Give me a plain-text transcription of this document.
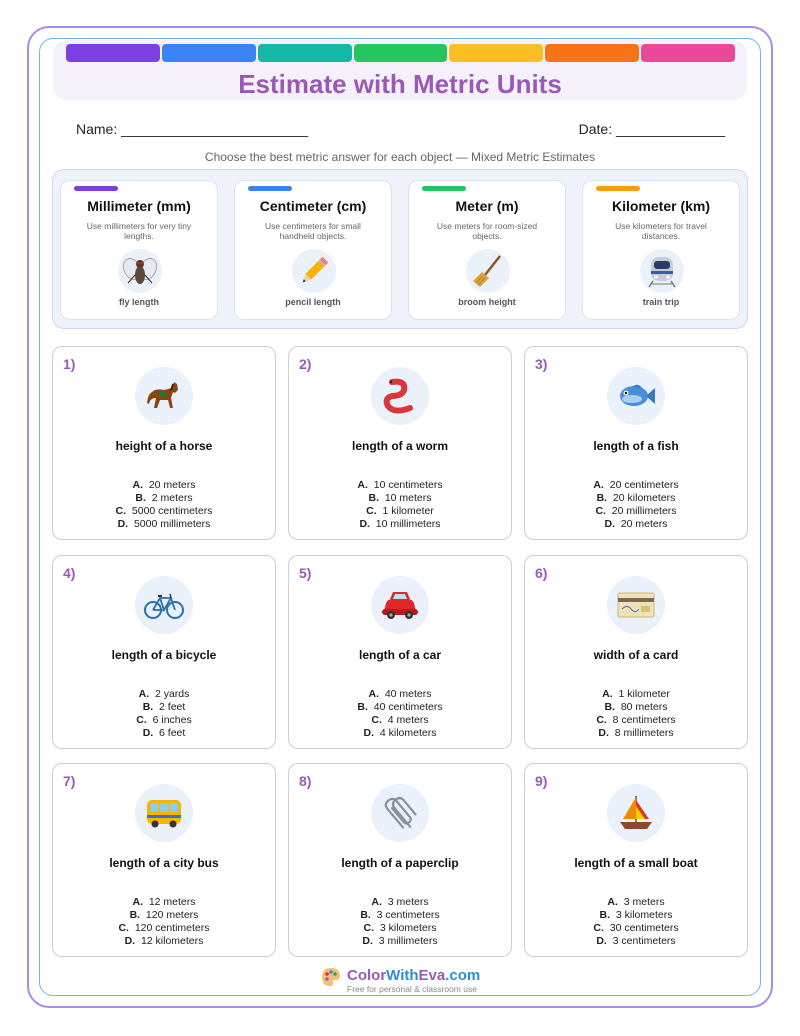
Estimate with Metric Units
Name: ________________________	Date: ______________
Choose the best metric answer for each object — Mixed Metric Estimates
Millimeter (mm)
Use millimeters for very tiny lengths.
fly length
Centimeter (cm)
Use centimeters for small handheld objects.
pencil length
Meter (m)
Use meters for room-sized objects.
broom height
Kilometer (km)
Use kilometers for travel distances.
train trip
1)
height of a horse
A. 20 meters
B. 2 meters
C. 5000 centimeters
D. 5000 millimeters
2)
length of a worm
A. 10 centimeters
B. 10 meters
C. 1 kilometer
D. 10 millimeters
3)
length of a fish
A. 20 centimeters
B. 20 kilometers
C. 20 millimeters
D. 20 meters
4)
length of a bicycle
A. 2 yards
B. 2 feet
C. 6 inches
D. 6 feet
5)
length of a car
A. 40 meters
B. 40 centimeters
C. 4 meters
D. 4 kilometers
6)
width of a card
A. 1 kilometer
B. 80 meters
C. 8 centimeters
D. 8 millimeters
7)
length of a city bus
A. 12 meters
B. 120 meters
C. 120 centimeters
D. 12 kilometers
8)
length of a paperclip
A. 3 meters
B. 3 centimeters
C. 3 kilometers
D. 3 millimeters
9)
length of a small boat
A. 3 meters
B. 3 kilometers
C. 30 centimeters
D. 3 centimeters
ColorWithEva.com
Free for personal & classroom use
